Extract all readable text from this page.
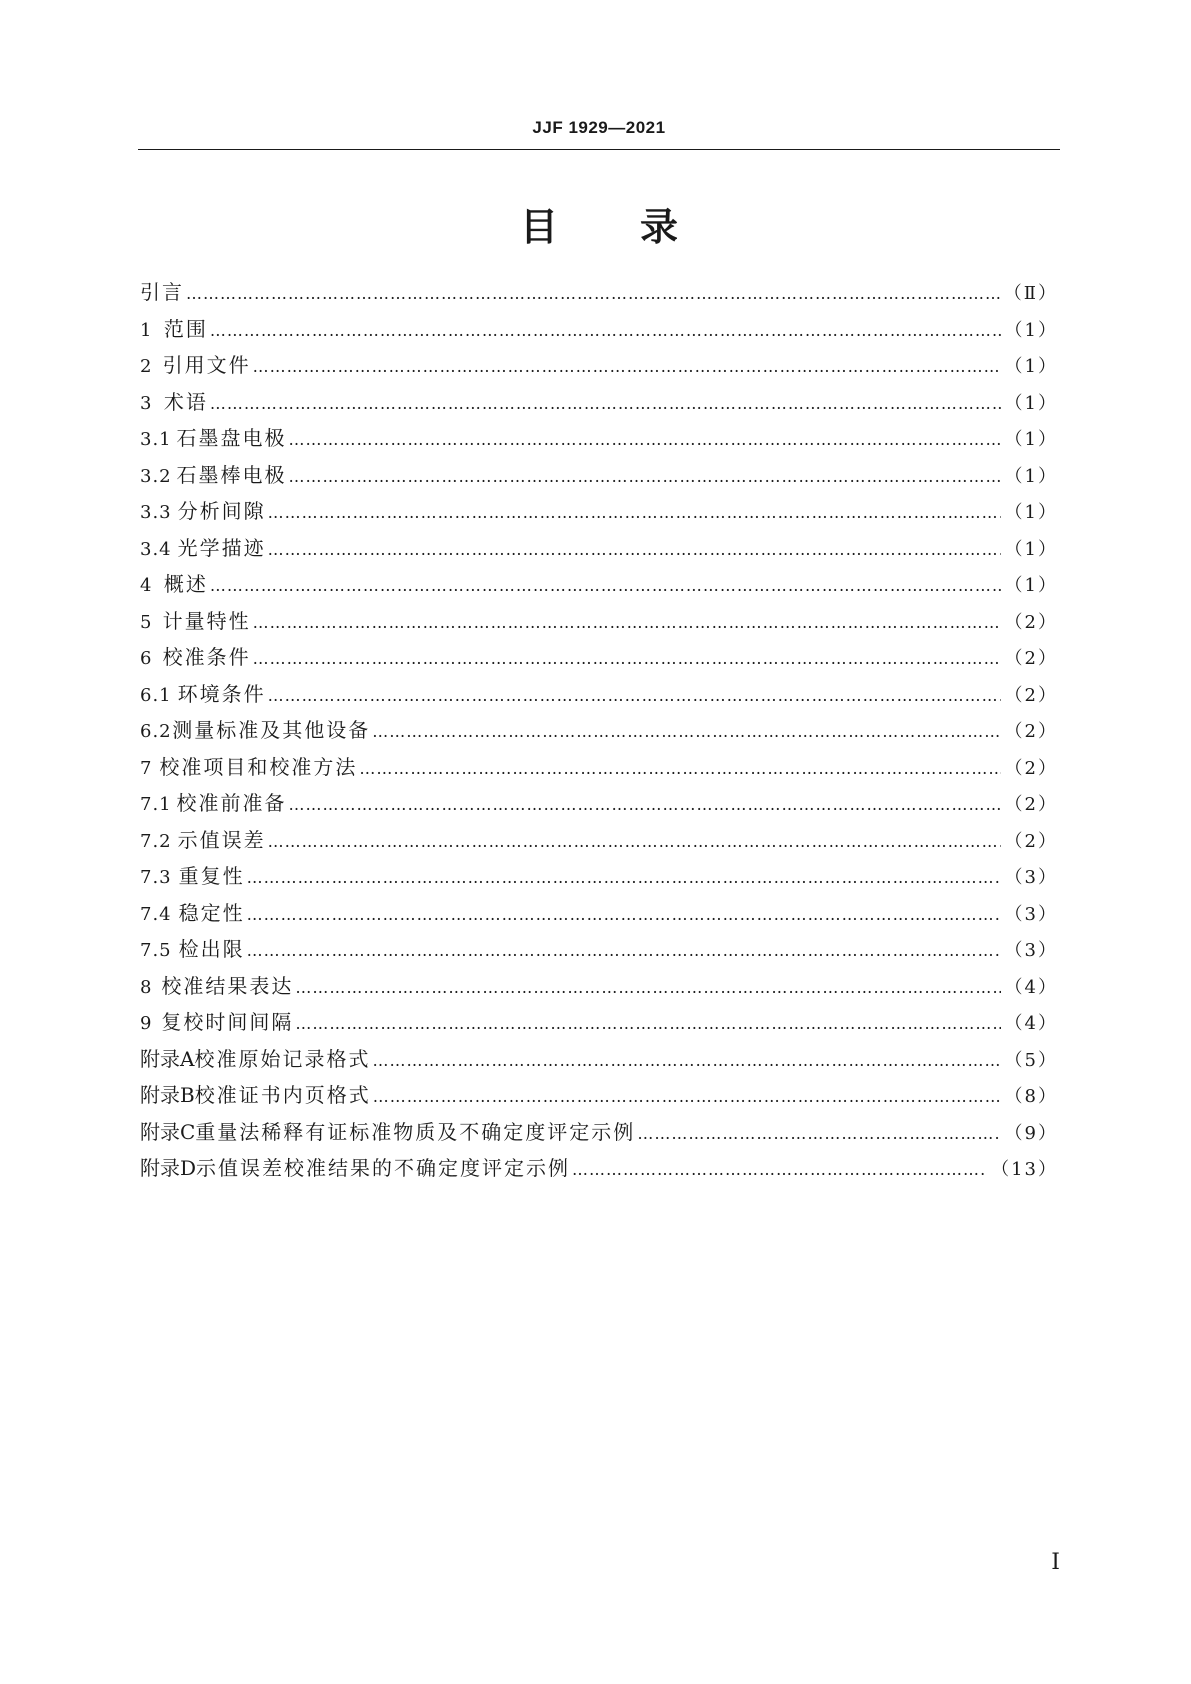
JJF 1929—2021
目录
引言 …………………………………………………………………………………………………………………………………………………………………………………………	（Ⅱ）
1 范围 …………………………………………………………………………………………………………………………………………………………………………………………	（1）
2 引用文件 …………………………………………………………………………………………………………………………………………………………………………………………	（1）
3 术语 …………………………………………………………………………………………………………………………………………………………………………………………	（1）
3.1 石墨盘电极 …………………………………………………………………………………………………………………………………………………………………………………………	（1）
3.2 石墨棒电极 …………………………………………………………………………………………………………………………………………………………………………………………	（1）
3.3 分析间隙 …………………………………………………………………………………………………………………………………………………………………………………………	（1）
3.4 光学描迹 …………………………………………………………………………………………………………………………………………………………………………………………	（1）
4 概述 …………………………………………………………………………………………………………………………………………………………………………………………	（1）
5 计量特性 …………………………………………………………………………………………………………………………………………………………………………………………	（2）
6 校准条件 …………………………………………………………………………………………………………………………………………………………………………………………	（2）
6.1 环境条件 …………………………………………………………………………………………………………………………………………………………………………………………	（2）
6.2 测量标准及其他设备 …………………………………………………………………………………………………………………………………………………………………………………………	（2）
7 校准项目和校准方法 …………………………………………………………………………………………………………………………………………………………………………………………	（2）
7.1 校准前准备 …………………………………………………………………………………………………………………………………………………………………………………………	（2）
7.2 示值误差 …………………………………………………………………………………………………………………………………………………………………………………………	（2）
7.3 重复性 …………………………………………………………………………………………………………………………………………………………………………………………	（3）
7.4 稳定性 …………………………………………………………………………………………………………………………………………………………………………………………	（3）
7.5 检出限 …………………………………………………………………………………………………………………………………………………………………………………………	（3）
8 校准结果表达 …………………………………………………………………………………………………………………………………………………………………………………………	（4）
9 复校时间间隔 …………………………………………………………………………………………………………………………………………………………………………………………	（4）
附录A 校准原始记录格式 …………………………………………………………………………………………………………………………………………………………………………………………	（5）
附录B 校准证书内页格式 …………………………………………………………………………………………………………………………………………………………………………………………	（8）
附录C 重量法稀释有证标准物质及不确定度评定示例 …………………………………………………………………………………………………………………………………………………………………………………………	（9）
附录D 示值误差校准结果的不确定度评定示例 …………………………………………………………………………………………………………………………………………………………………………………………	（13）
Ⅰ
